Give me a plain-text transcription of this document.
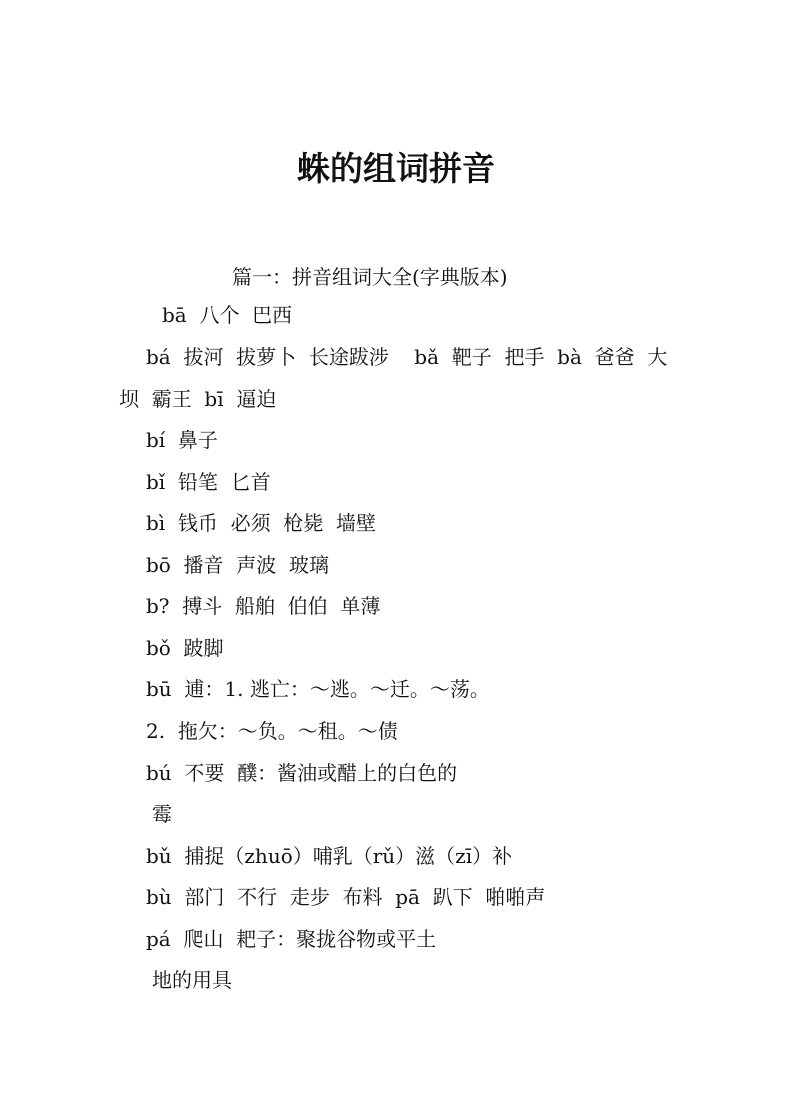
蛛的组词拼音
篇一：拼音组词大全(字典版本)
bā  八个  巴西
bá  拔河  拔萝卜  长途跋涉    bǎ  靶子  把手  bà  爸爸  大
坝  霸王  bī  逼迫
bí  鼻子
bǐ  铅笔  匕首
bì  钱币  必须  枪毙  墙壁
bō  播音  声波  玻璃
b?  搏斗  船舶  伯伯  单薄
bǒ  跛脚
bū  逋：1. 逃亡：～逃。～迁。～荡。
2.  拖欠：～负。～租。～债
bú  不要  醭：酱油或醋上的白色的
霉
bǔ  捕捉（zhuō）哺乳（rǔ）滋（zī）补
bù  部门  不行  走步  布料  pā  趴下  啪啪声
pá  爬山  耙子：聚拢谷物或平土
地的用具
